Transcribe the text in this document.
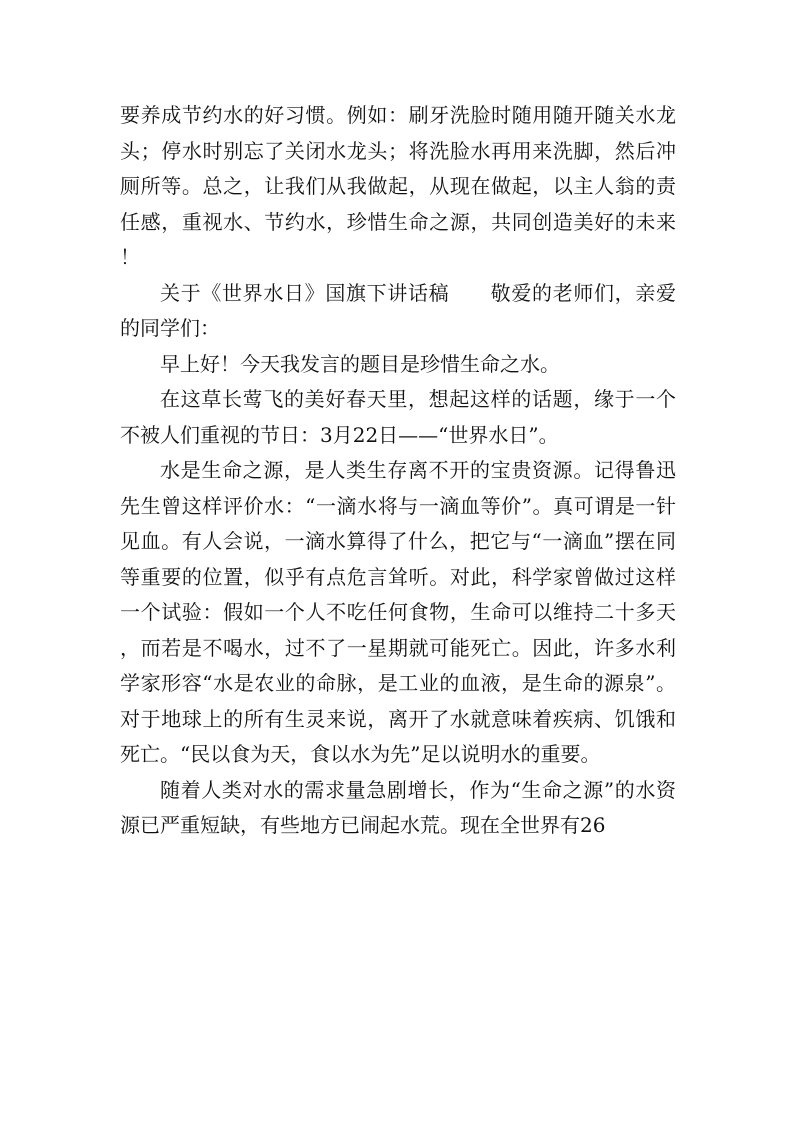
要养成节约水的好习惯。例如：刷牙洗脸时随用随开随关水龙头；停水时别忘了关闭水龙头；将洗脸水再用来洗脚，然后冲厕所等。总之，让我们从我做起，从现在做起，以主人翁的责任感，重视水、节约水，珍惜生命之源，共同创造美好的未来！

关于《世界水日》国旗下讲话稿　　敬爱的老师们，亲爱的同学们：

早上好！今天我发言的题目是珍惜生命之水。

在这草长莺飞的美好春天里，想起这样的话题，缘于一个不被人们重视的节日：3月22日——“世界水日”。

水是生命之源，是人类生存离不开的宝贵资源。记得鲁迅先生曾这样评价水：“一滴水将与一滴血等价”。真可谓是一针见血。有人会说，一滴水算得了什么，把它与“一滴血”摆在同等重要的位置，似乎有点危言耸听。对此，科学家曾做过这样一个试验：假如一个人不吃任何食物，生命可以维持二十多天，而若是不喝水，过不了一星期就可能死亡。因此，许多水利学家形容“水是农业的命脉，是工业的血液，是生命的源泉”。对于地球上的所有生灵来说，离开了水就意味着疾病、饥饿和死亡。“民以食为天，食以水为先”足以说明水的重要。

随着人类对水的需求量急剧增长，作为“生命之源”的水资源已严重短缺，有些地方已闹起水荒。现在全世界有26
